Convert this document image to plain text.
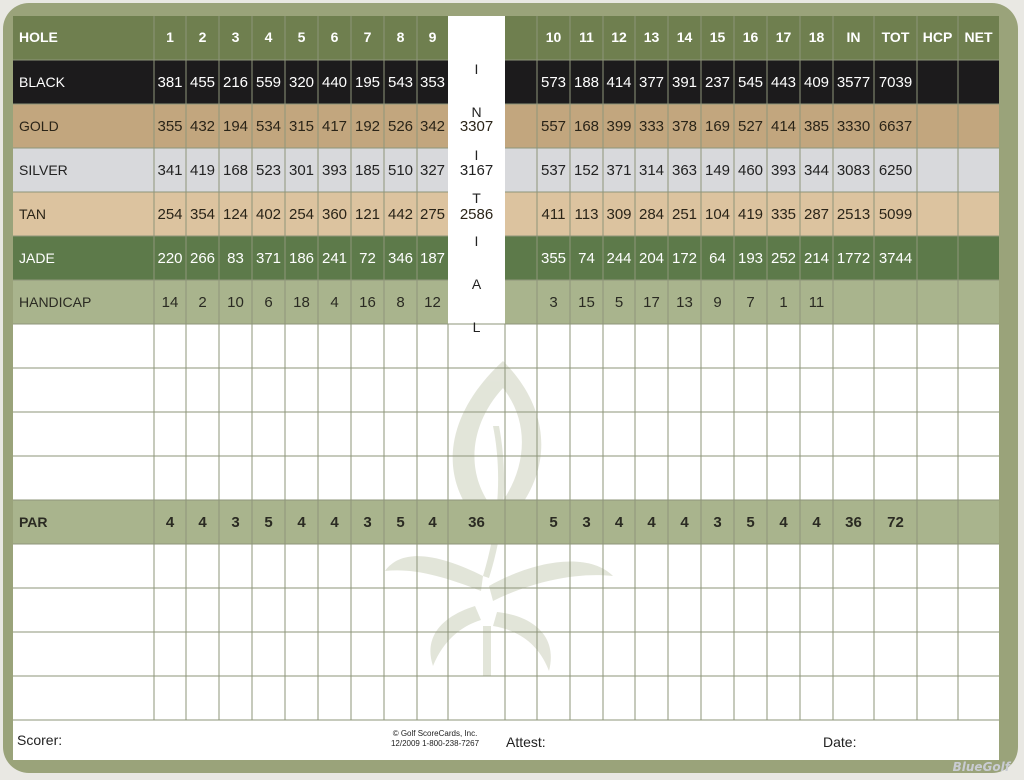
HOLE	1 2 3 4 5 6 7 8 9 OUT	10 11 12 13 14 15 16 17 18 IN TOT HCP NET
BLACK	381 455 216 559 320 440 195 543 353 3462	573 188 414 377 391 237 545 443 409 3577 7039
GOLD	355 432 194 534 315 417 192 526 342 3307	557 168 399 333 378 169 527 414 385 3330 6637
SILVER	341 419 168 523 301 393 185 510 327 3167	537 152 371 314 363 149 460 393 344 3083 6250
TAN	254 354 124 402 254 360 121 442 275 2586	411 113 309 284 251 104 419 335 287 2513 5099
JADE	220 266 83 371 186 241 72 346 187 1972	355 74 244 204 172 64 193 252 214 1772 3744
HANDICAP	14 2 10 6 18 4 16 8 12	3 15 5 17 13 9 7 1 11
PAR	4 4 3 5 4 4 3 5 4 36	5 3 4 4 4 3 5 4 4 36 72
I
N
I
T
I
A
L
Scorer:	Attest:	Date:
© Golf ScoreCards, Inc.
12/2009 1-800-238-7267
BlueGolf
